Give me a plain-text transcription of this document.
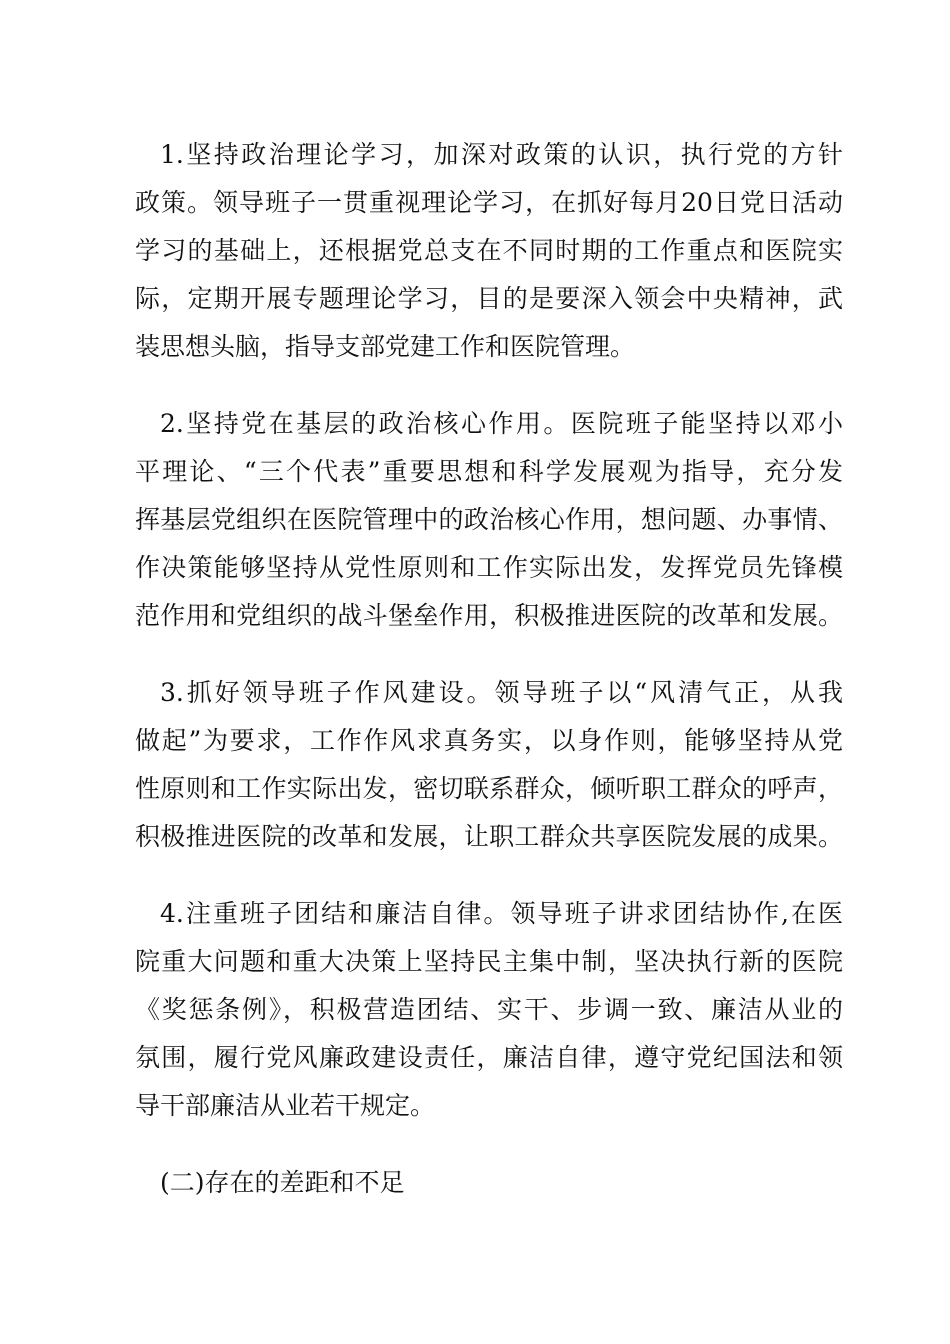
1.坚持政治理论学习，加深对政策的认识，执行党的方针
政策。领导班子一贯重视理论学习，在抓好每月20日党日活动
学习的基础上，还根据党总支在不同时期的工作重点和医院实
际，定期开展专题理论学习，目的是要深入领会中央精神，武
装思想头脑，指导支部党建工作和医院管理。
2.坚持党在基层的政治核心作用。医院班子能坚持以邓小
平理论、“三个代表”重要思想和科学发展观为指导，充分发
挥基层党组织在医院管理中的政治核心作用，想问题、办事情、
作决策能够坚持从党性原则和工作实际出发，发挥党员先锋模
范作用和党组织的战斗堡垒作用，积极推进医院的改革和发展。
3.抓好领导班子作风建设。领导班子以“风清气正，从我
做起”为要求，工作作风求真务实，以身作则，能够坚持从党
性原则和工作实际出发，密切联系群众，倾听职工群众的呼声，
积极推进医院的改革和发展，让职工群众共享医院发展的成果。
4.注重班子团结和廉洁自律。领导班子讲求团结协作,在医
院重大问题和重大决策上坚持民主集中制，坚决执行新的医院
《奖惩条例》，积极营造团结、实干、步调一致、廉洁从业的
氛围，履行党风廉政建设责任，廉洁自律，遵守党纪国法和领
导干部廉洁从业若干规定。
(二)存在的差距和不足
